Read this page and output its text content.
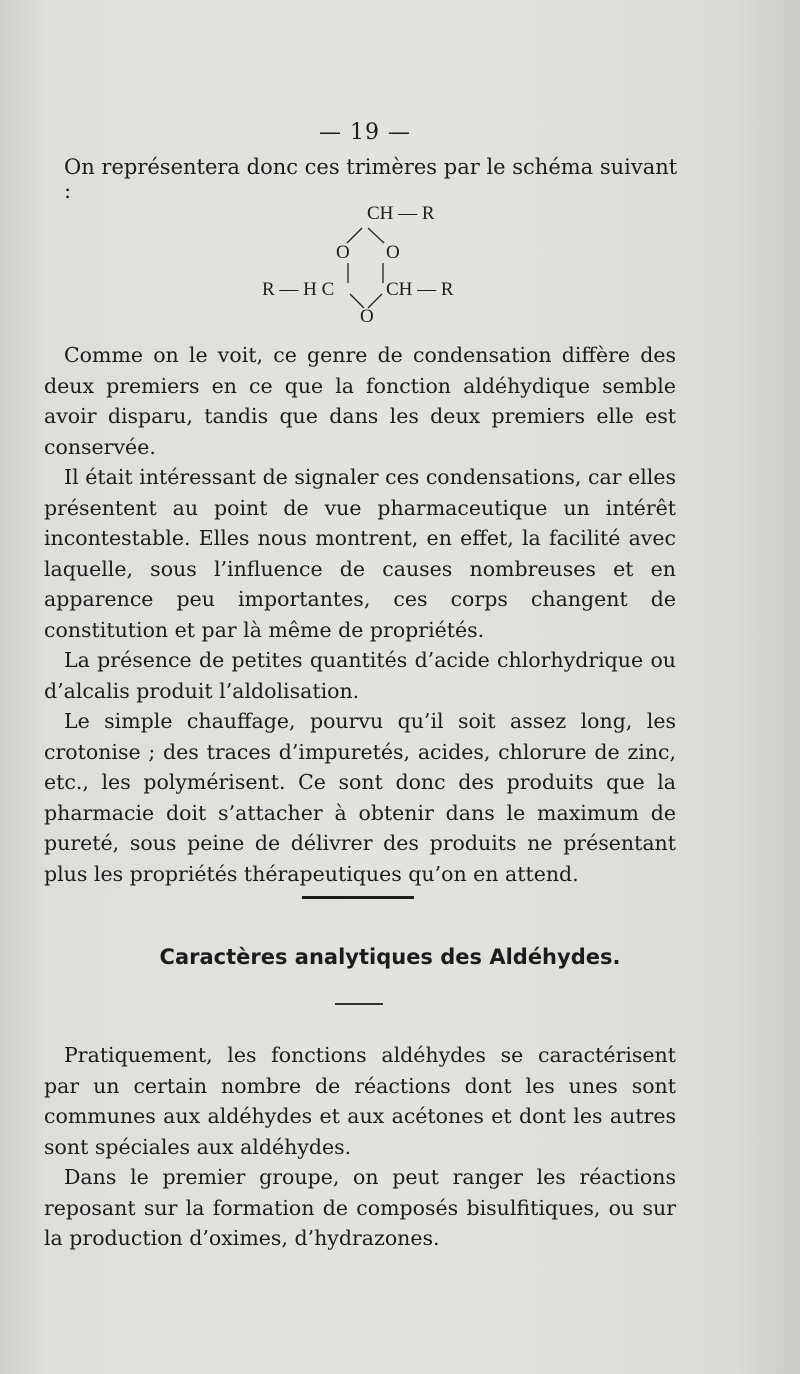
— 19 —
On représentera donc ces trimères par le schéma suivant :
CH — R
O O
R — H C	CH — R
O

Comme on le voit, ce genre de condensation diffère des deux premiers en ce que la fonction aldéhydique semble avoir disparu, tandis que dans les deux premiers elle est conservée.

Il était intéressant de signaler ces condensations, car elles présentent au point de vue pharmaceutique un intérêt incontestable. Elles nous montrent, en effet, la facilité avec laquelle, sous l’influence de causes nombreuses et en apparence peu importantes, ces corps changent de constitution et par là même de propriétés.

La présence de petites quantités d’acide chlorhydrique ou d’alcalis produit l’aldolisation.

Le simple chauffage, pourvu qu’il soit assez long, les crotonise ; des traces d’impuretés, acides, chlorure de zinc, etc., les polymérisent. Ce sont donc des produits que la pharmacie doit s’attacher à obtenir dans le maximum de pureté, sous peine de délivrer des produits ne présentant plus les propriétés thérapeutiques qu’on en attend.

Caractères analytiques des Aldéhydes.

Pratiquement, les fonctions aldéhydes se caractérisent par un certain nombre de réactions dont les unes sont communes aux aldéhydes et aux acétones et dont les autres sont spéciales aux aldéhydes.

Dans le premier groupe, on peut ranger les réactions reposant sur la formation de composés bisulfitiques, ou sur la production d’oximes, d’hydrazones.
